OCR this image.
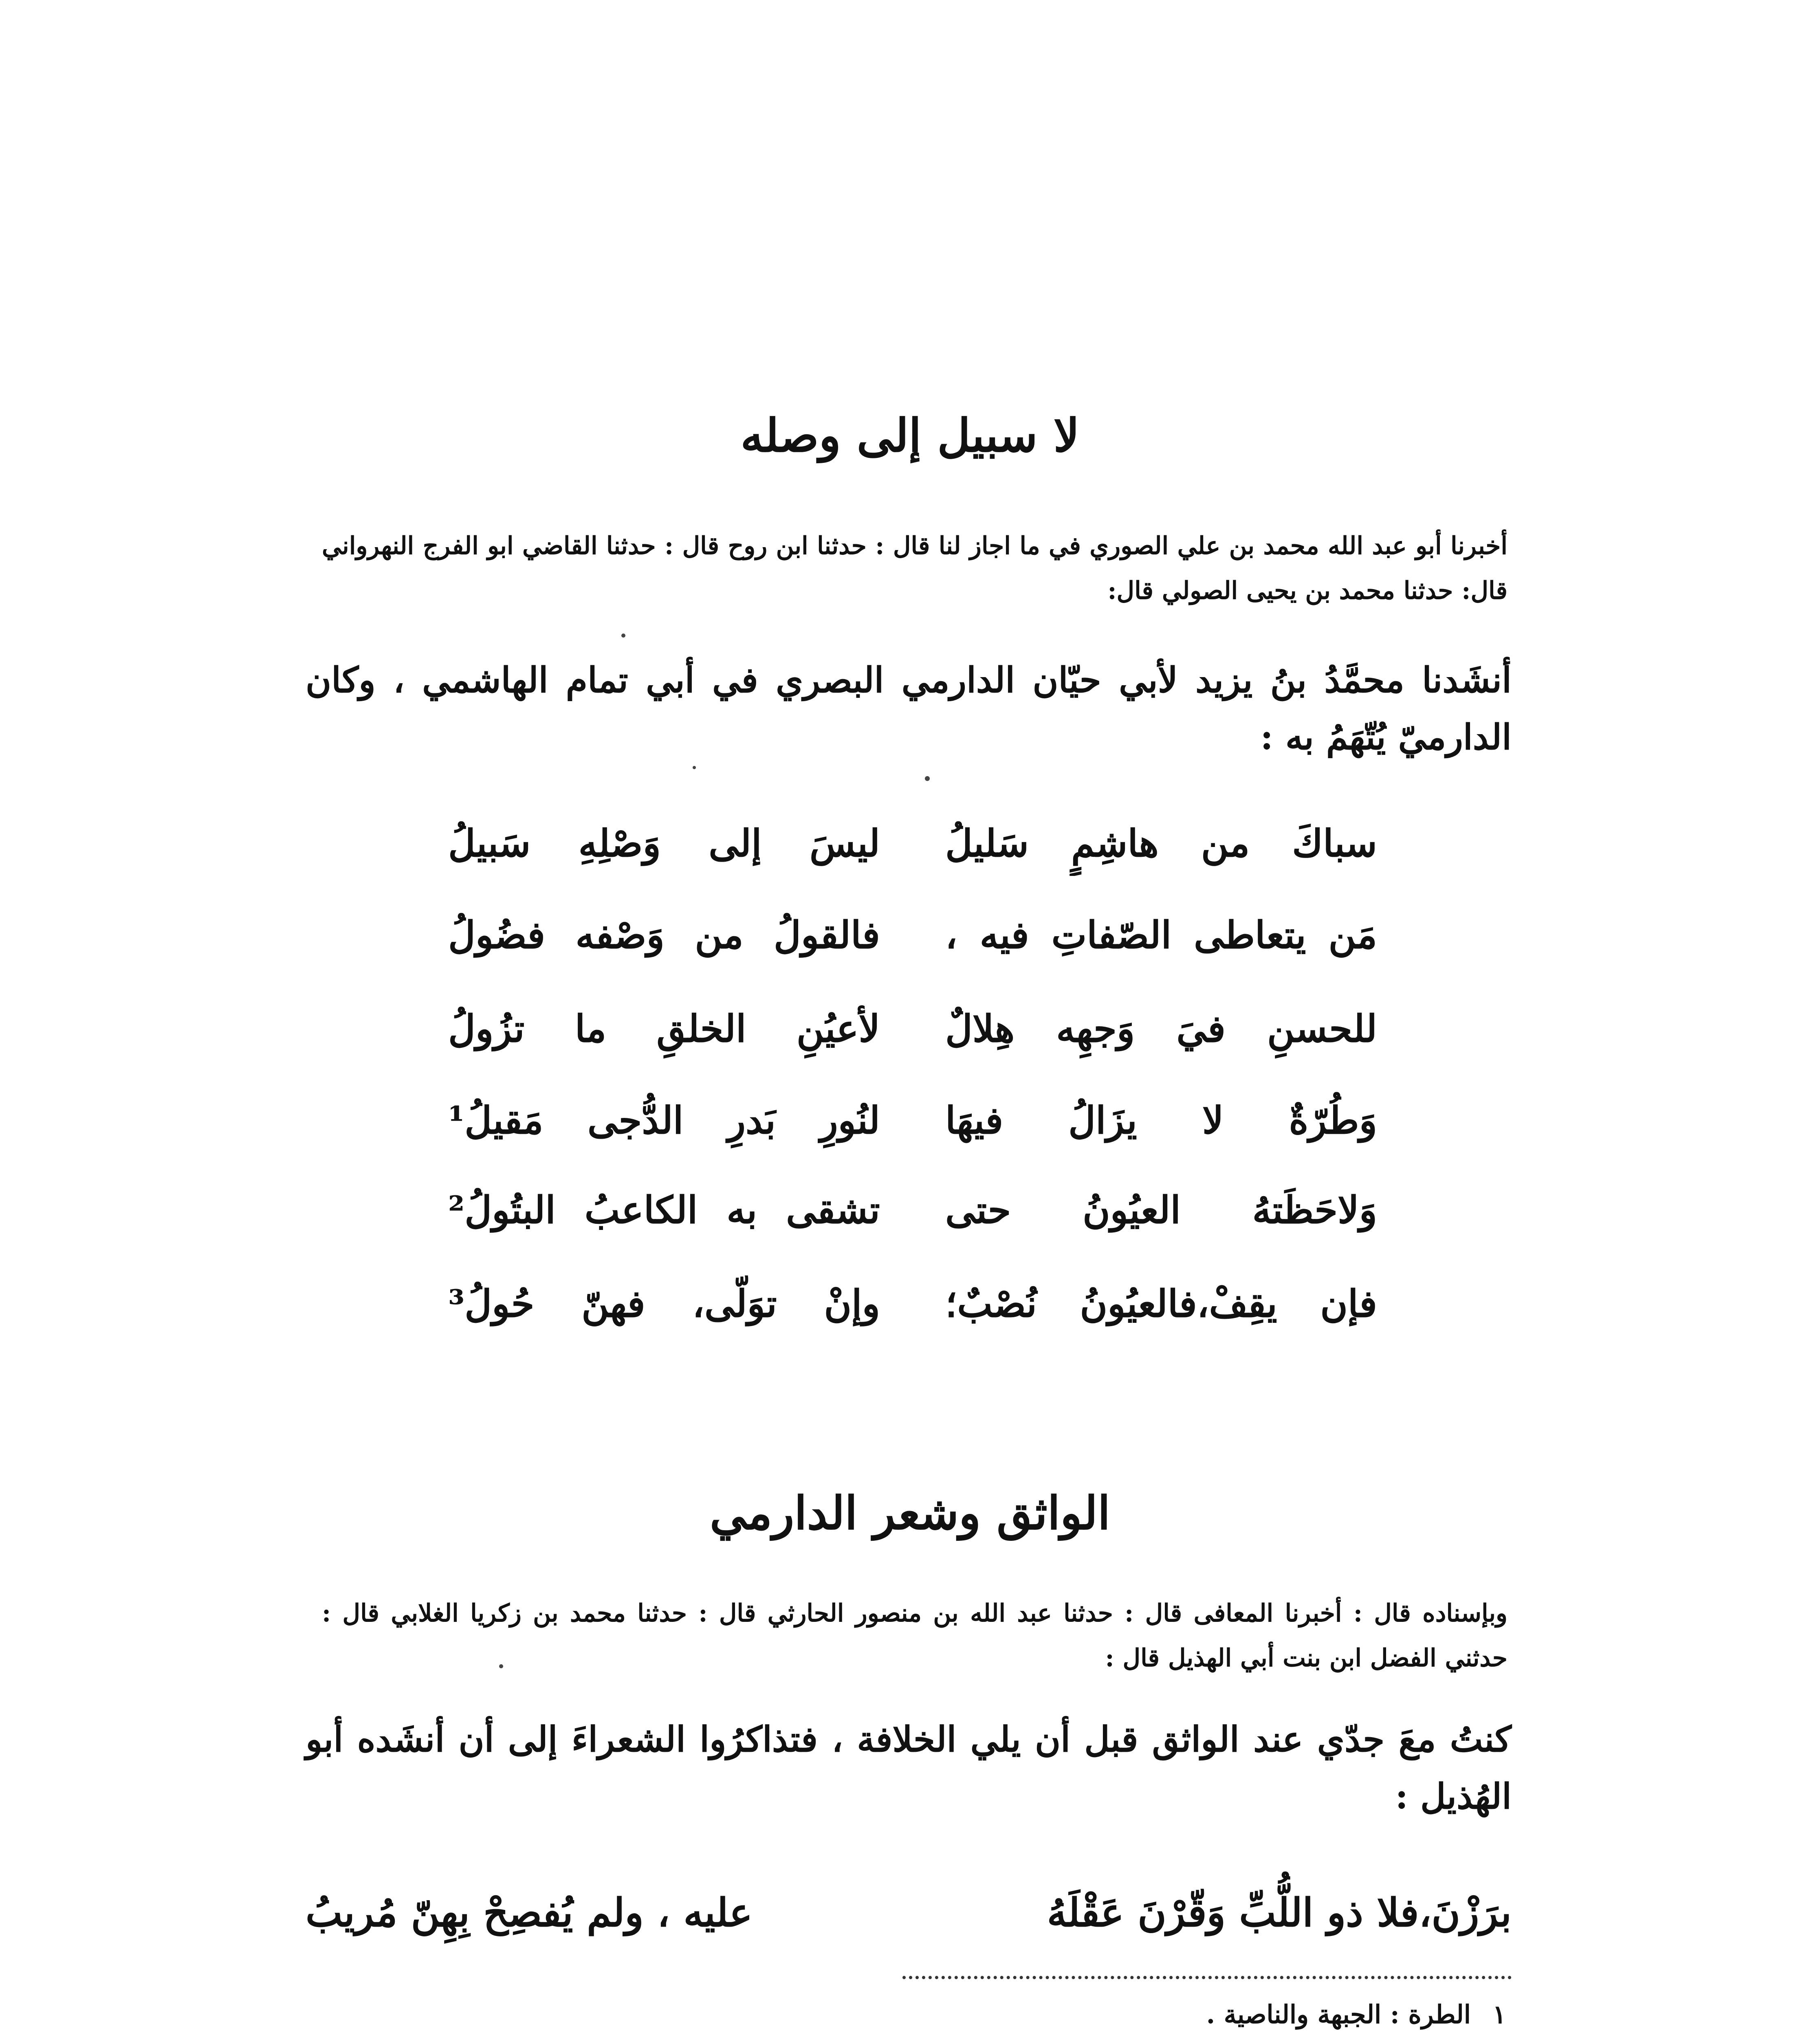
لا سبيل إلى وصله
أخبرنا أبو عبد الله محمد بن علي الصوري في ما اجاز لنا قال : حدثنا ابن روح قال : حدثنا القاضي ابو الفرج النهرواني قال: حدثنا محمد بن يحيى الصولي قال:
أنشَدنا محمَّدُ بنُ يزيد لأبي حيّان الدارمي البصري في أبي تمام الهاشمي ، وكان الدارميّ يُتّهَمُ به :
سباكَ من هاشِمٍ سَليلُ
ليسَ إلى وَصْلِهِ سَبيلُ
مَن يتعاطى الصّفاتِ فيه ،
فالقولُ من وَصْفه فضُولُ
للحسنِ فيَ وَجهِه هِلالٌ
لأعيُنِ الخلقِ ما تزُولُ
وَطُرّةٌ لا يزَالُ فيهَا
لنُورِ بَدرِ الدُّجى مَقيلُ¹
وَلاحَظَتهُ العيُونُ حتى
تشقى به الكاعبُ البتُولُ²
فإن يقِفْ،فالعيُونُ نُصْبٌ؛
وإنْ توَلّى، فهنّ حُولُ³
الواثق وشعر الدارمي
وبإسناده قال : أخبرنا المعافى قال : حدثنا عبد الله بن منصور الحارثي قال : حدثنا محمد بن زكريا الغلابي قال : حدثني الفضل ابن بنت أبي الهذيل قال :
كنتُ معَ جدّي عند الواثق قبل أن يلي الخلافة ، فتذاكرُوا الشعراءَ إلى أن أنشَده أبو الهُذيل :
برَزْنَ،فلا ذو اللُّبِّ وَقّرْنَ عَقْلَهُ
عليه ، ولم يُفصِحْ بِهِنّ مُريبُ
١
الطرة : الجبهة والناصية .
